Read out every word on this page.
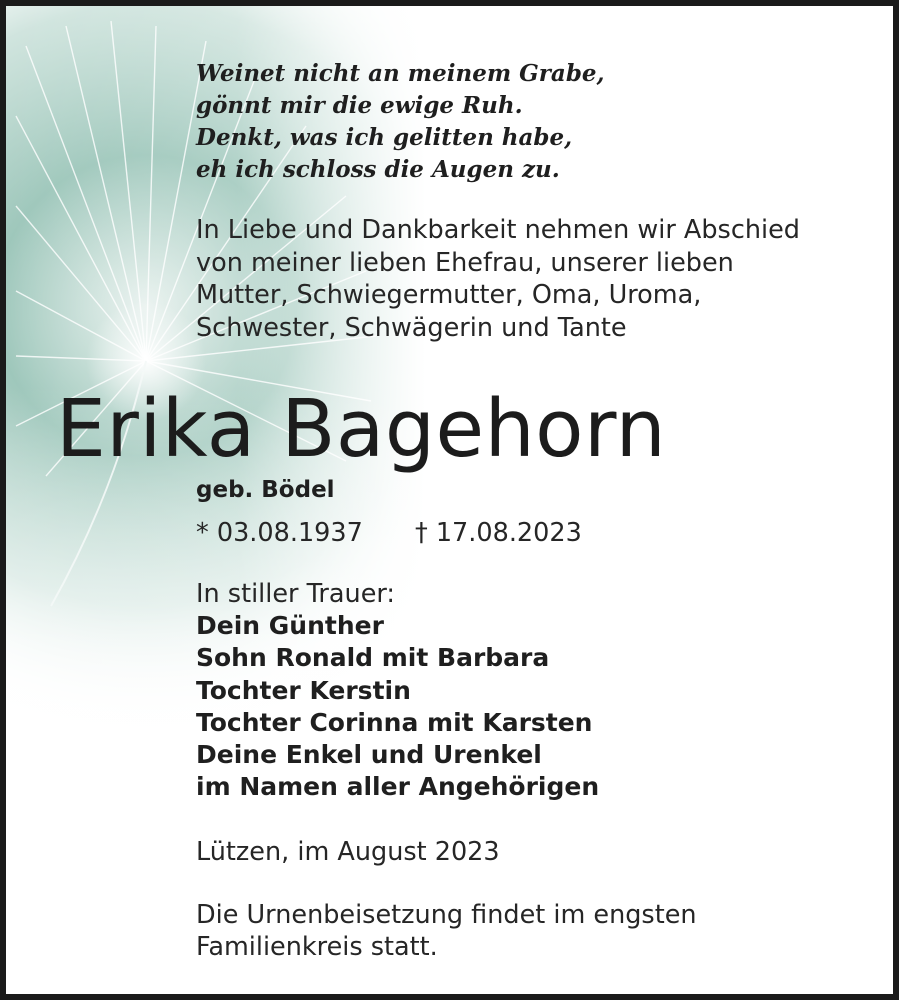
Weinet nicht an meinem Grabe,
gönnt mir die ewige Ruh.
Denkt, was ich gelitten habe,
eh ich schloss die Augen zu.
In Liebe und Dankbarkeit nehmen wir Abschied
von meiner lieben Ehefrau, unserer lieben
Mutter, Schwiegermutter, Oma, Uroma,
Schwester, Schwägerin und Tante
Erika Bagehorn
geb. Bödel
* 03.08.1937 † 17.08.2023
In stiller Trauer:
Dein Günther
Sohn Ronald mit Barbara
Tochter Kerstin
Tochter Corinna mit Karsten
Deine Enkel und Urenkel
im Namen aller Angehörigen
Lützen, im August 2023
Die Urnenbeisetzung findet im engsten
Familienkreis statt.
